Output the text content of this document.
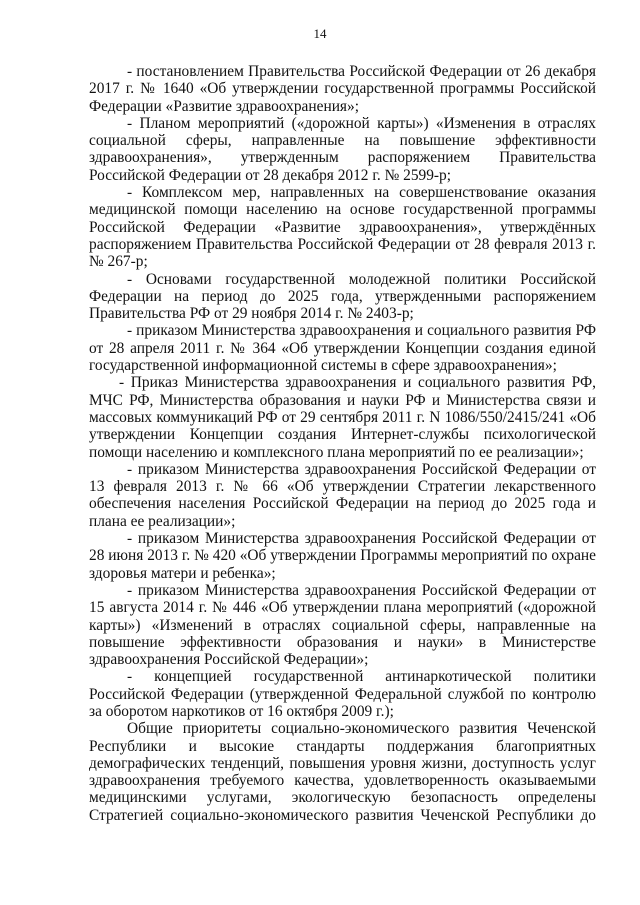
14

- постановлением Правительства Российской Федерации от 26 декабря 2017 г. № 1640 «Об утверждении государственной программы Российской Федерации «Развитие здравоохранения»;

- Планом мероприятий («дорожной карты») «Изменения в отраслях социальной сферы, направленные на повышение эффективности здравоохранения», утвержденным распоряжением Правительства Российской Федерации от 28 декабря 2012 г. № 2599-р;

- Комплексом мер, направленных на совершенствование оказания медицинской помощи населению на основе государственной программы Российской Федерации «Развитие здравоохранения», утверждённых распоряжением Правительства Российской Федерации от 28 февраля 2013 г. № 267-р;

- Основами государственной молодежной политики Российской Федерации на период до 2025 года, утвержденными распоряжением Правительства РФ от 29 ноября 2014 г. № 2403-р;

- приказом Министерства здравоохранения и социального развития РФ от 28 апреля 2011 г. № 364 «Об утверждении Концепции создания единой государственной информационной системы в сфере здравоохранения»;

- Приказ Министерства здравоохранения и социального развития РФ, МЧС РФ, Министерства образования и науки РФ и Министерства связи и массовых коммуникаций РФ от 29 сентября 2011 г. N 1086/550/2415/241 «Об утверждении Концепции создания Интернет-службы психологической помощи населению и комплексного плана мероприятий по ее реализации»;

- приказом Министерства здравоохранения Российской Федерации от 13 февраля 2013 г. № 66 «Об утверждении Стратегии лекарственного обеспечения населения Российской Федерации на период до 2025 года и плана ее реализации»;

- приказом Министерства здравоохранения Российской Федерации от 28 июня 2013 г. № 420 «Об утверждении Программы мероприятий по охране здоровья матери и ребенка»;

- приказом Министерства здравоохранения Российской Федерации от 15 августа 2014 г. № 446 «Об утверждении плана мероприятий («дорожной карты») «Изменений в отраслях социальной сферы, направленные на повышение эффективности образования и науки» в Министерстве здравоохранения Российской Федерации»;

- концепцией государственной антинаркотической политики Российской Федерации (утвержденной Федеральной службой по контролю за оборотом наркотиков от 16 октября 2009 г.);

Общие приоритеты социально-экономического развития Чеченской Республики и высокие стандарты поддержания благоприятных демографических тенденций, повышения уровня жизни, доступность услуг здравоохранения требуемого качества, удовлетворенность оказываемыми медицинскими услугами, экологическую безопасность определены Стратегией социально-экономического развития Чеченской Республики до
